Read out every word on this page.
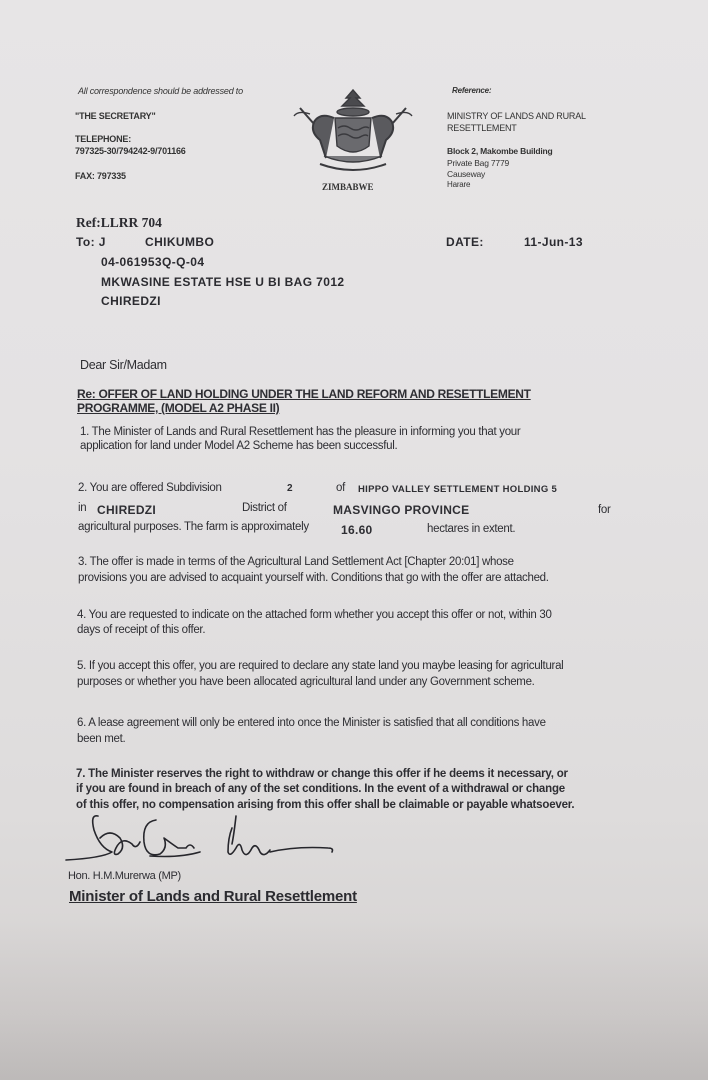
All correspondence should be addressed to
"THE SECRETARY"
TELEPHONE:
797325-30/794242-9/701166
FAX: 797335
ZIMBABWE
Reference:
MINISTRY OF LANDS AND RURAL
RESETTLEMENT
Block 2, Makombe Building
Private Bag 7779
Causeway
Harare
Ref:LLRR 704
To: J	CHIKUMBO	DATE:	11-Jun-13
04-061953Q-Q-04
MKWASINE ESTATE HSE U BI BAG 7012
CHIREDZI
Dear Sir/Madam
Re: OFFER OF LAND HOLDING UNDER THE LAND REFORM AND RESETTLEMENT
PROGRAMME, (MODEL A2 PHASE II)
1. The Minister of Lands and Rural Resettlement has the pleasure in informing you that your
application for land under Model A2 Scheme has been successful.
2. You are offered Subdivision	2	of HIPPO VALLEY SETTLEMENT HOLDING 5
in CHIREDZI	District of	MASVINGO PROVINCE	for
agricultural purposes. The farm is approximately	16.60	hectares in extent.
3. The offer is made in terms of the Agricultural Land Settlement Act [Chapter 20:01] whose
provisions you are advised to acquaint yourself with. Conditions that go with the offer are attached.
4. You are requested to indicate on the attached form whether you accept this offer or not, within 30
days of receipt of this offer.
5. If you accept this offer, you are required to declare any state land you maybe leasing for agricultural
purposes or whether you have been allocated agricultural land under any Government scheme.
6. A lease agreement will only be entered into once the Minister is satisfied that all conditions have
been met.
7. The Minister reserves the right to withdraw or change this offer if he deems it necessary, or
if you are found in breach of any of the set conditions. In the event of a withdrawal or change
of this offer, no compensation arising from this offer shall be claimable or payable whatsoever.
Hon. H.M.Murerwa (MP)
Minister of Lands and Rural Resettlement
